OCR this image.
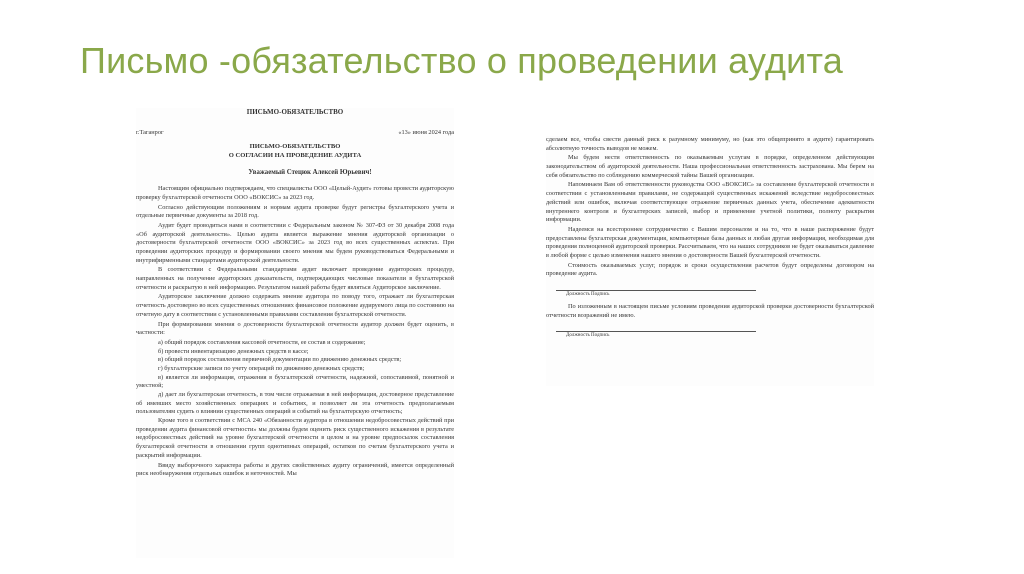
Письмо -обязательство о проведении аудита
ПИСЬМО-ОБЯЗАТЕЛЬСТВО
г.Таганрог	«13» июня 2024 года
ПИСЬМО-ОБЯЗАТЕЛЬСТВО
О СОГЛАСИИ НА ПРОВЕДЕНИЕ АУДИТА
Уважаемый Стецюк Алексей Юрьевич!

Настоящим официально подтверждаем, что специалисты ООО «Целый-Аудит» готовы провести аудиторскую проверку бухгалтерской отчетности ООО «ВОКСИС» за 2023 год.

Согласно действующим положениям и нормам аудита проверке будут регистры бухгалтерского учета и отдельные первичные документы за 2018 год.

Аудит будет проводиться нами в соответствии с Федеральным законом № 307-ФЗ от 30 декабря 2008 года «Об аудиторской деятельности». Целью аудита является выражение мнения аудиторской организации о достоверности бухгалтерской отчетности ООО «ВОКСИС» за 2023 год во всех существенных аспектах. При проведении аудиторских процедур и формировании своего мнения мы будем руководствоваться Федеральными и внутрифирменными стандартами аудиторской деятельности.

В соответствии с Федеральными стандартами аудит включает проведение аудиторских процедур, направленных на получение аудиторских доказательств, подтверждающих числовые показатели в бухгалтерской отчетности и раскрытую в ней информацию. Результатом нашей работы будет являться Аудиторское заключение.

Аудиторское заключение должно содержать мнение аудитора по поводу того, отражает ли бухгалтерская отчетность достоверно во всех существенных отношениях финансовое положение аудируемого лица по состоянию на отчетную дату в соответствии с установленными правилами составления бухгалтерской отчетности.

При формировании мнения о достоверности бухгалтерской отчетности аудитор должен будет оценить, в частности:

а) общий порядок составления кассовой отчетности, ее состав и содержание;

б) провести инвентаризацию денежных средств в кассе;

в) общий порядок составления первичной документации по движению денежных средств;

г) бухгалтерские записи по учету операций по движению денежных средств;

в) является ли информация, отражения в бухгалтерской отчетности, надежной, сопоставимой, понятной и уместной;

д) дает ли бухгалтерская отчетность, в том числе отражаемая в ней информация, достоверное представление об имевших место хозяйственных операциях и событиях, и позволяет ли эта отчетность предполагаемым пользователям судить о влиянии существенных операций и событий на бухгалтерскую отчетность;

Кроме того в соответствии с МСА 240 «Обязанности аудитора в отношении недобросовестных действий при проведении аудита финансовой отчетности» мы должны будем оценить риск существенного искажения в результате недобросовестных действий на уровне бухгалтерской отчетности в целом и на уровне предпосылок составления бухгалтерской отчетности в отношении групп однотипных операций, остатков по счетам бухгалтерского учета и раскрытий информации.

Ввиду выборочного характера работы и других свойственных аудиту ограничений, имеется определенный риск необнаружения отдельных ошибок и неточностей. Мы

сделаем все, чтобы свести данный риск к разумному минимуму, но (как это общепринято в аудите) гарантировать абсолютную точность выводов не можем.

Мы будем нести ответственность по оказываемым услугам в порядке, определенном действующим законодательством об аудиторской деятельности. Наша профессиональная ответственность застрахована. Мы берем на себя обязательство по соблюдению коммерческой тайны Вашей организации.

Напоминаем Вам об ответственности руководства ООО «ВОКСИС» за составление бухгалтерской отчетности в соответствии с установленными правилами, не содержащей существенных искажений вследствие недобросовестных действий или ошибок, включая соответствующее отражение первичных данных учета, обеспечение адекватности внутреннего контроля и бухгалтерских записей, выбор и применение учетной политики, полноту раскрытия информации.

Надеемся на всестороннее сотрудничество с Вашим персоналом и на то, что в наше распоряжение будут предоставлены бухгалтерская документация, компьютерные базы данных и любая другая информация, необходимая для проведения полноценной аудиторской проверки. Рассчитываем, что на наших сотрудников не будет оказываться давление в любой форме с целью изменения нашего мнения о достоверности Вашей бухгалтерской отчетности.

Стоимость оказываемых услуг, порядок и сроки осуществления расчетов будут определены договором на проведение аудита.

Должность Подпись

По изложенным в настоящем письме условиям проведения аудиторской проверки достоверности бухгалтерской отчетности возражений не имею.

Должность Подпись
